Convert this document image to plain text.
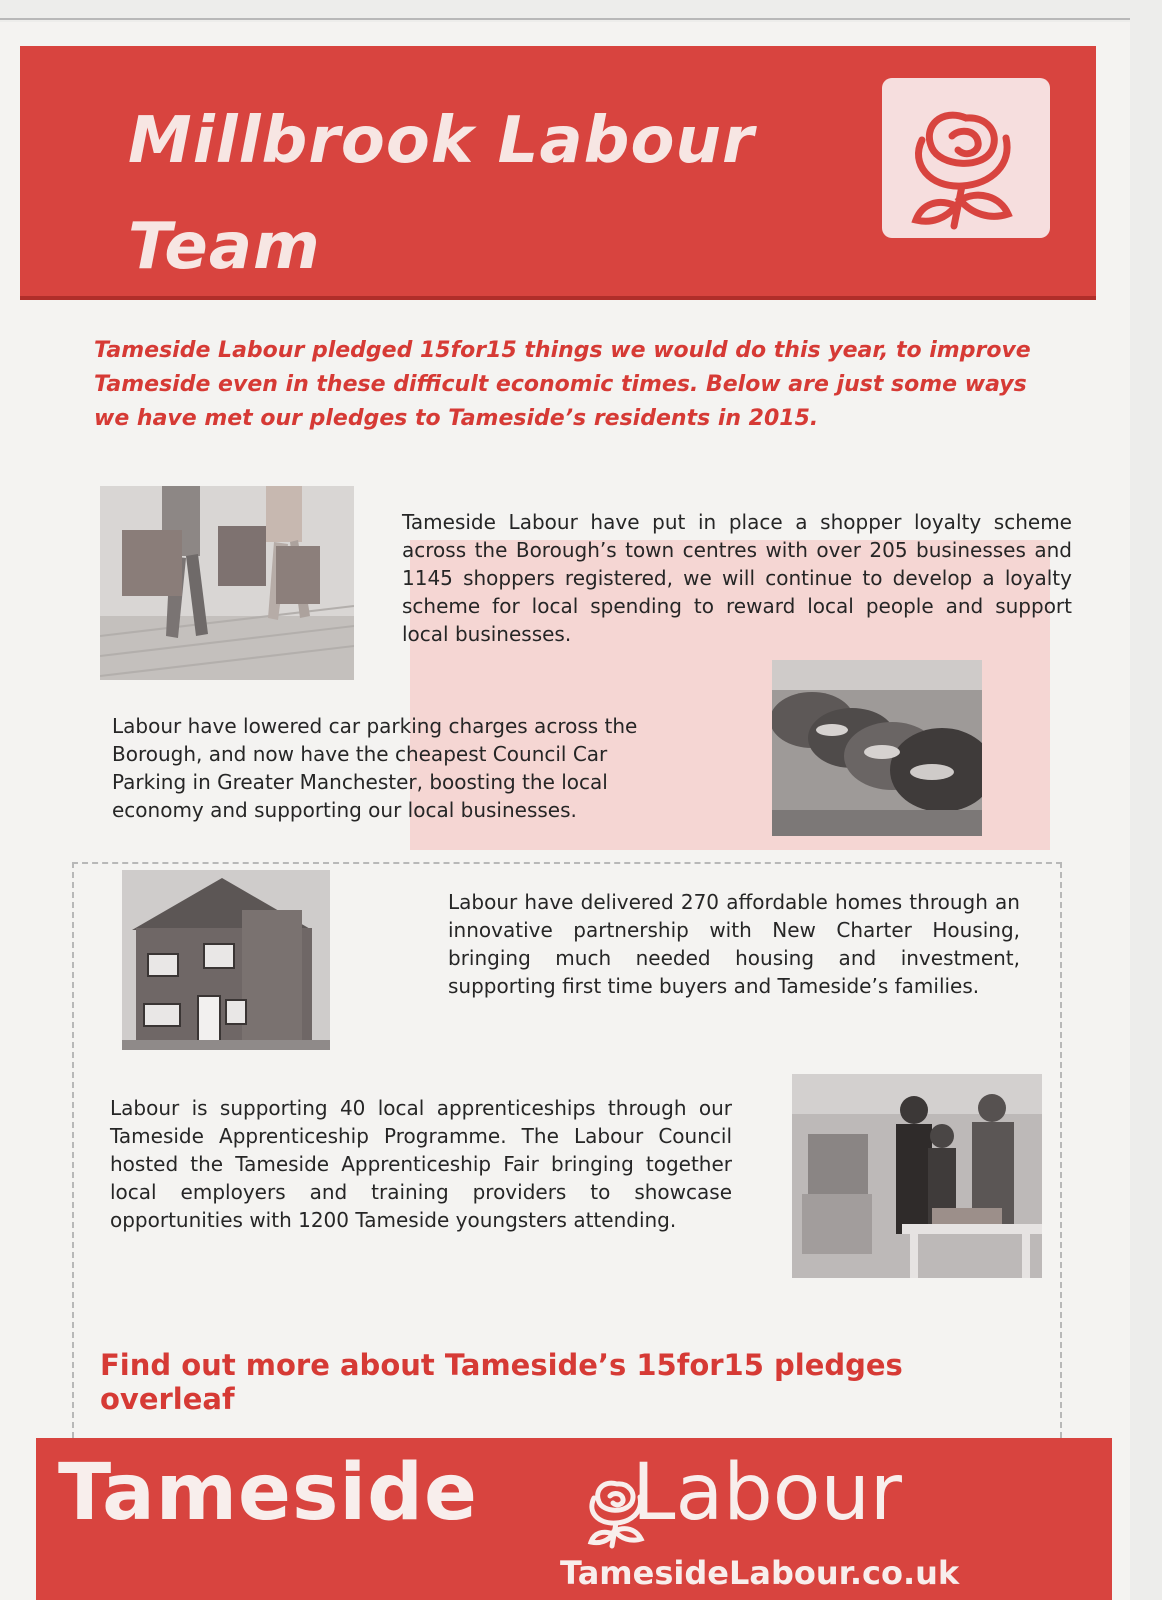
Millbrook Labour Team
Tameside Labour pledged 15for15 things we would do this year, to improve Tameside even in these difficult economic times. Below are just some ways we have met our pledges to Tameside’s residents in 2015.
Tameside Labour have put in place a shopper loyalty scheme across the Borough’s town centres with over 205 businesses and 1145 shoppers registered, we will continue to develop a loyalty scheme for local spending to reward local people and support local businesses.
Labour have lowered car parking charges across the Borough, and now have the cheapest Council Car Parking in Greater Manchester, boosting the local economy and supporting our local businesses.
Labour have delivered 270 affordable homes through an innovative partnership with New Charter Housing, bringing much needed housing and investment, supporting first time buyers and Tameside’s families.
Labour is supporting 40 local apprenticeships through our Tameside Apprenticeship Programme. The Labour Council hosted the Tameside Apprenticeship Fair bringing together local employers and training providers to showcase opportunities with 1200 Tameside youngsters attending.
Find out more about Tameside’s 15for15 pledges overleaf
Tameside Labour
TamesideLabour.co.uk
